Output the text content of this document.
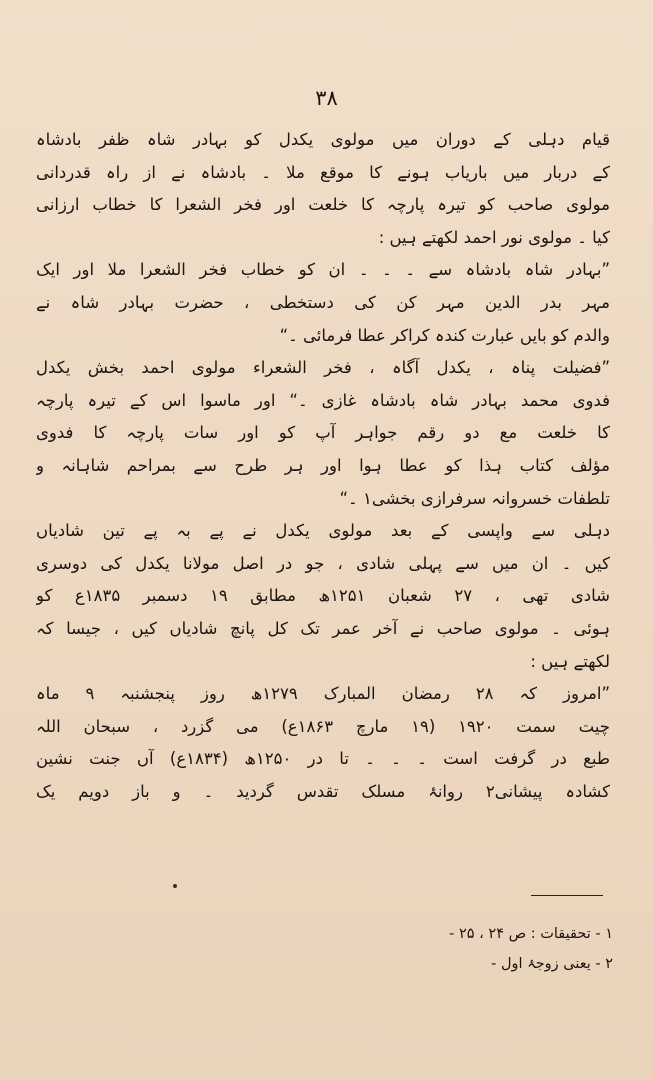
۳۸
قیام دہلی کے دوران میں مولوی یکدل کو بہادر شاہ ظفر بادشاہ
کے دربار میں باریاب ہونے کا موقع ملا ۔ بادشاہ نے از راہ قدردانی
مولوی صاحب کو تیرہ پارچہ کا خلعت اور فخر الشعرا کا خطاب ارزانی
کیا ۔ مولوی نور احمد لکھتے ہیں :
”بہادر شاہ بادشاہ سے ۔ ۔ ۔ ان کو خطاب فخر الشعرا ملا اور ایک
مہر بدر الدین مہر کن کی دستخطی ، حضرت بہادر شاہ نے
والدم کو بایں عبارت کندہ کراکر عطا فرمائی ۔“
”فضیلت پناہ ، یکدل آگاہ ، فخر الشعراء مولوی احمد بخش یکدل
فدوی محمد بہادر شاہ بادشاہ غازی ۔“ اور ماسوا اس کے تیرہ پارچہ
کا خلعت مع دو رقم جواہر آپ کو اور سات پارچہ کا فدوی
مؤلف کتاب ہذا کو عطا ہوا اور ہر طرح سے بمراحم شاہانہ و
تلطفات خسروانہ سرفرازی بخشی۱ ۔“
دہلی سے واپسی کے بعد مولوی یکدل نے پے بہ پے تین شادیاں
کیں ۔ ان میں سے پہلی شادی ، جو در اصل مولانا یکدل کی دوسری
شادی تھی ، ۲۷ شعبان ۱۲۵۱ھ مطابق ۱۹ دسمبر ۱۸۳۵ع کو
ہوئی ۔ مولوی صاحب نے آخر عمر تک کل پانچ شادیاں کیں ، جیسا کہ
لکھتے ہیں :
”امروز کہ ۲۸ رمضان المبارک ۱۲۷۹ھ روز پنجشنبہ ۹ ماہ
چیت سمت ۱۹۲۰ (۱۹ مارچ ۱۸۶۳ع) می گزرد ، سبحان اللہ
طبع در گرفت است ۔ ۔ ۔ تا در ۱۲۵۰ھ (۱۸۳۴ع) آں جنت نشین
کشادہ پیشانی۲ روانۂ مسلک تقدس گردید ۔ و باز دویم یک
۱ - تحقیقات : ص ۲۴ ، ۲۵ -
۲ - یعنی زوجۂ اول -
